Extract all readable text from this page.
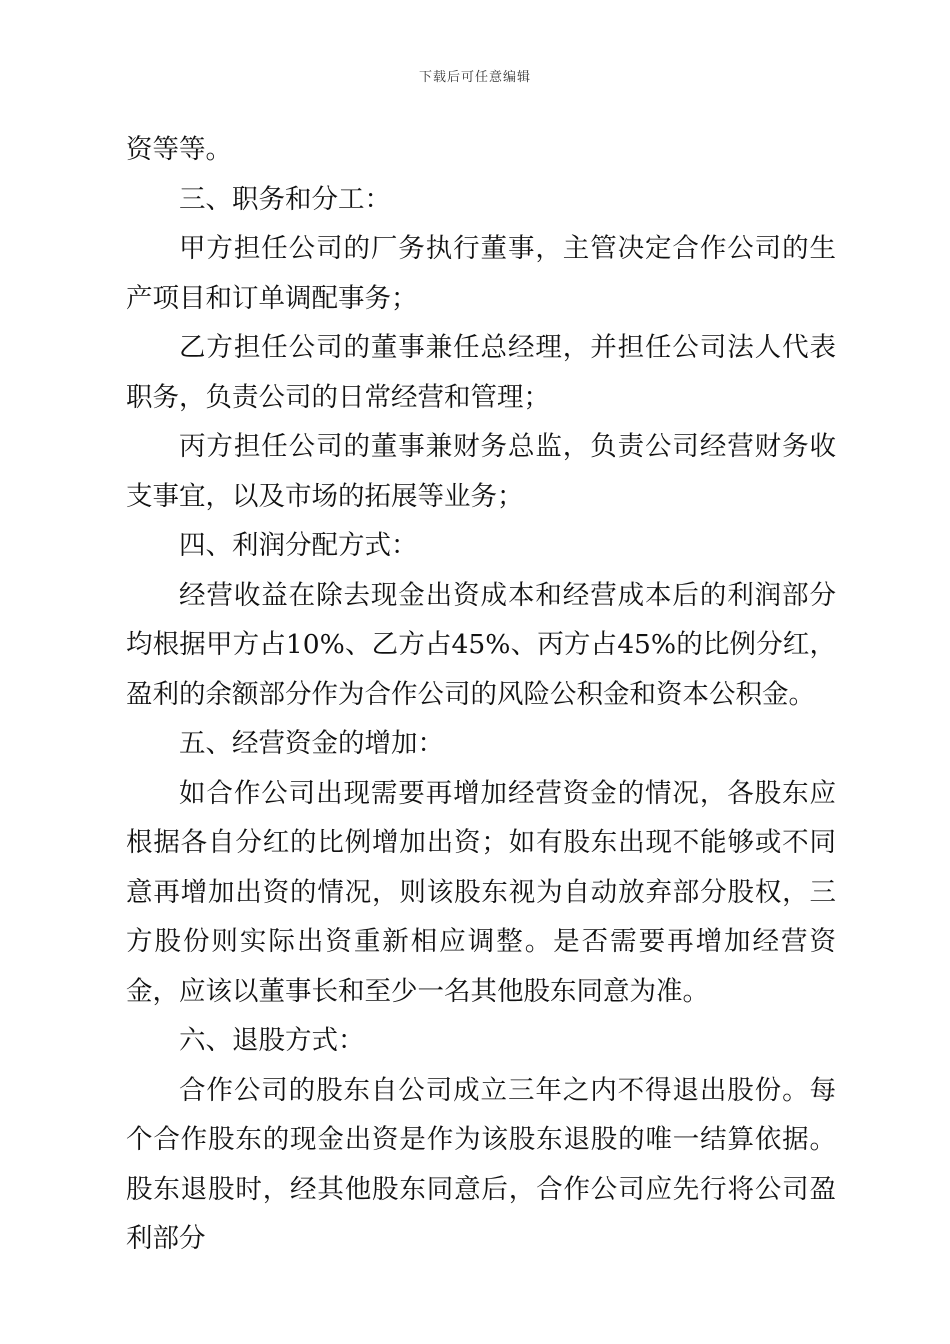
下载后可任意编辑

资等等。

三、职务和分工：

甲方担任公司的厂务执行董事，主管决定合作公司的生产项目和订单调配事务；

乙方担任公司的董事兼任总经理，并担任公司法人代表职务，负责公司的日常经营和管理；

丙方担任公司的董事兼财务总监，负责公司经营财务收支事宜，以及市场的拓展等业务；

四、利润分配方式：

经营收益在除去现金出资成本和经营成本后的利润部分均根据甲方占10%、乙方占45%、丙方占45%的比例分红，盈利的余额部分作为合作公司的风险公积金和资本公积金。

五、经营资金的增加：

如合作公司出现需要再增加经营资金的情况，各股东应根据各自分红的比例增加出资；如有股东出现不能够或不同意再增加出资的情况，则该股东视为自动放弃部分股权，三方股份则实际出资重新相应调整。是否需要再增加经营资金，应该以董事长和至少一名其他股东同意为准。

六、退股方式：

合作公司的股东自公司成立三年之内不得退出股份。每个合作股东的现金出资是作为该股东退股的唯一结算依据。股东退股时，经其他股东同意后，合作公司应先行将公司盈利部分
